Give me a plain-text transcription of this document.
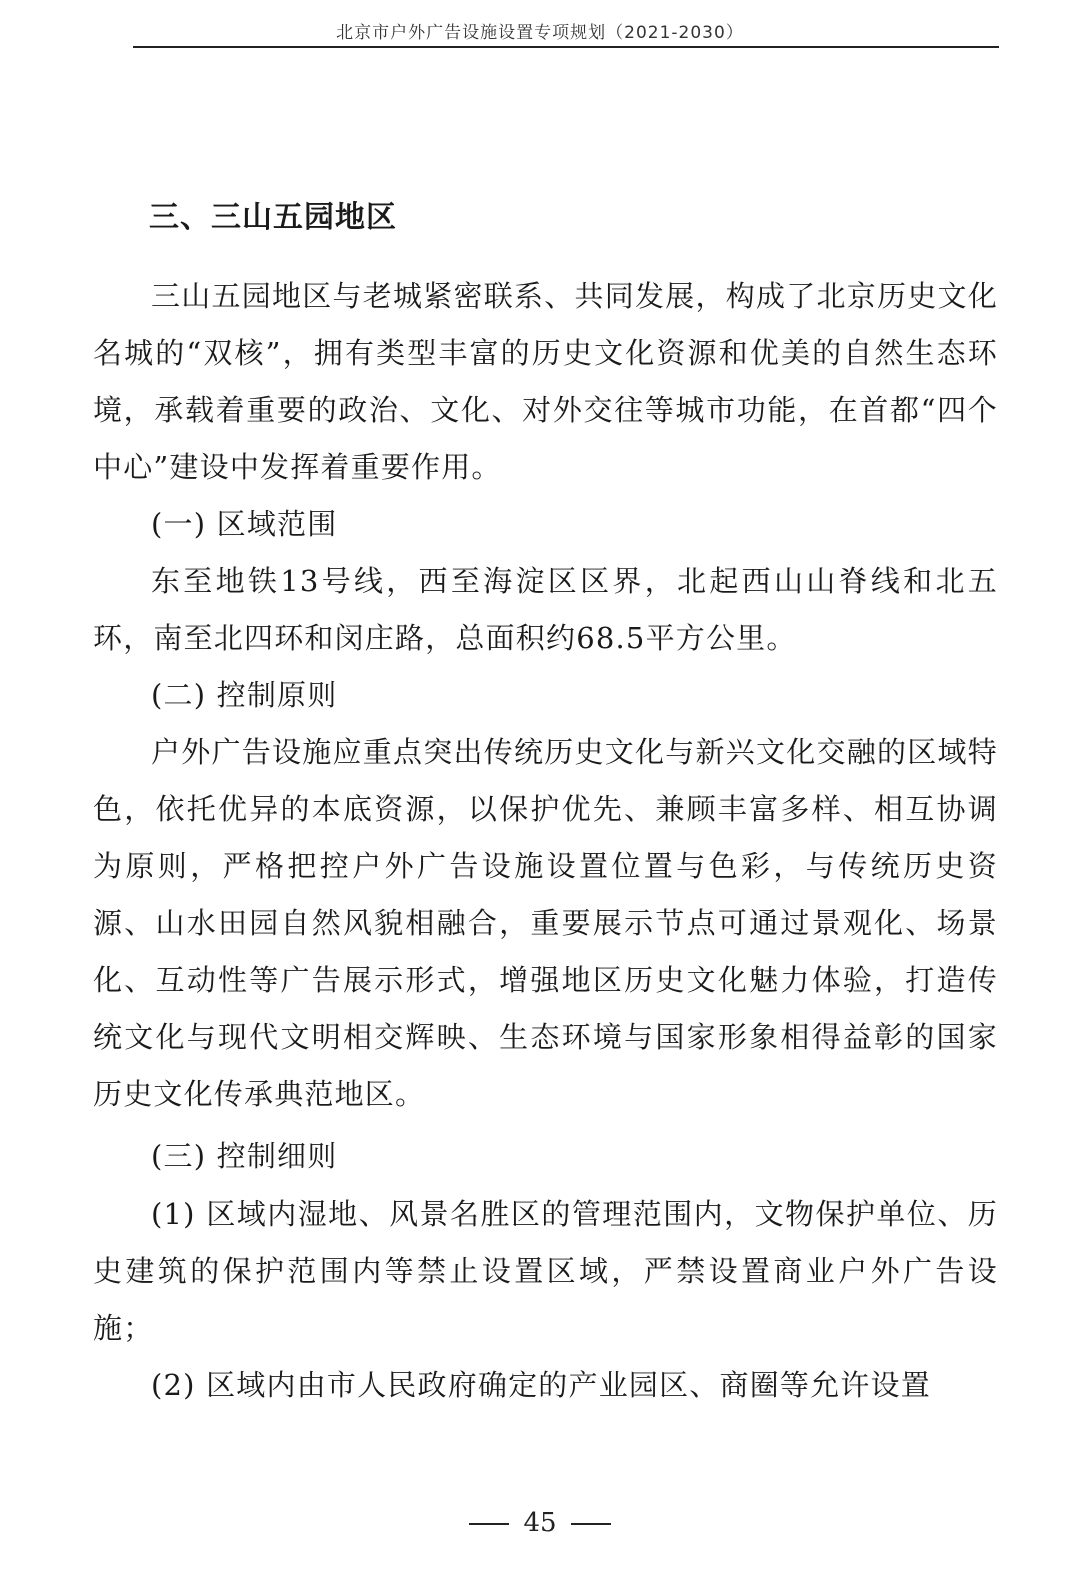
北京市户外广告设施设置专项规划（2021-2030）
三、三山五园地区

三山五园地区与老城紧密联系、共同发展，构成了北京历史文化名城的“双核”，拥有类型丰富的历史文化资源和优美的自然生态环境，承载着重要的政治、文化、对外交往等城市功能，在首都“四个中心”建设中发挥着重要作用。

(一) 区域范围

东至地铁13号线，西至海淀区区界，北起西山山脊线和北五环，南至北四环和闵庄路，总面积约68.5平方公里。

(二) 控制原则

户外广告设施应重点突出传统历史文化与新兴文化交融的区域特色，依托优异的本底资源，以保护优先、兼顾丰富多样、相互协调为原则，严格把控户外广告设施设置位置与色彩，与传统历史资源、山水田园自然风貌相融合，重要展示节点可通过景观化、场景化、互动性等广告展示形式，增强地区历史文化魅力体验，打造传统文化与现代文明相交辉映、生态环境与国家形象相得益彰的国家历史文化传承典范地区。

(三) 控制细则

(1) 区域内湿地、风景名胜区的管理范围内，文物保护单位、历史建筑的保护范围内等禁止设置区域，严禁设置商业户外广告设施；

(2) 区域内由市人民政府确定的产业园区、商圈等允许设置

45
